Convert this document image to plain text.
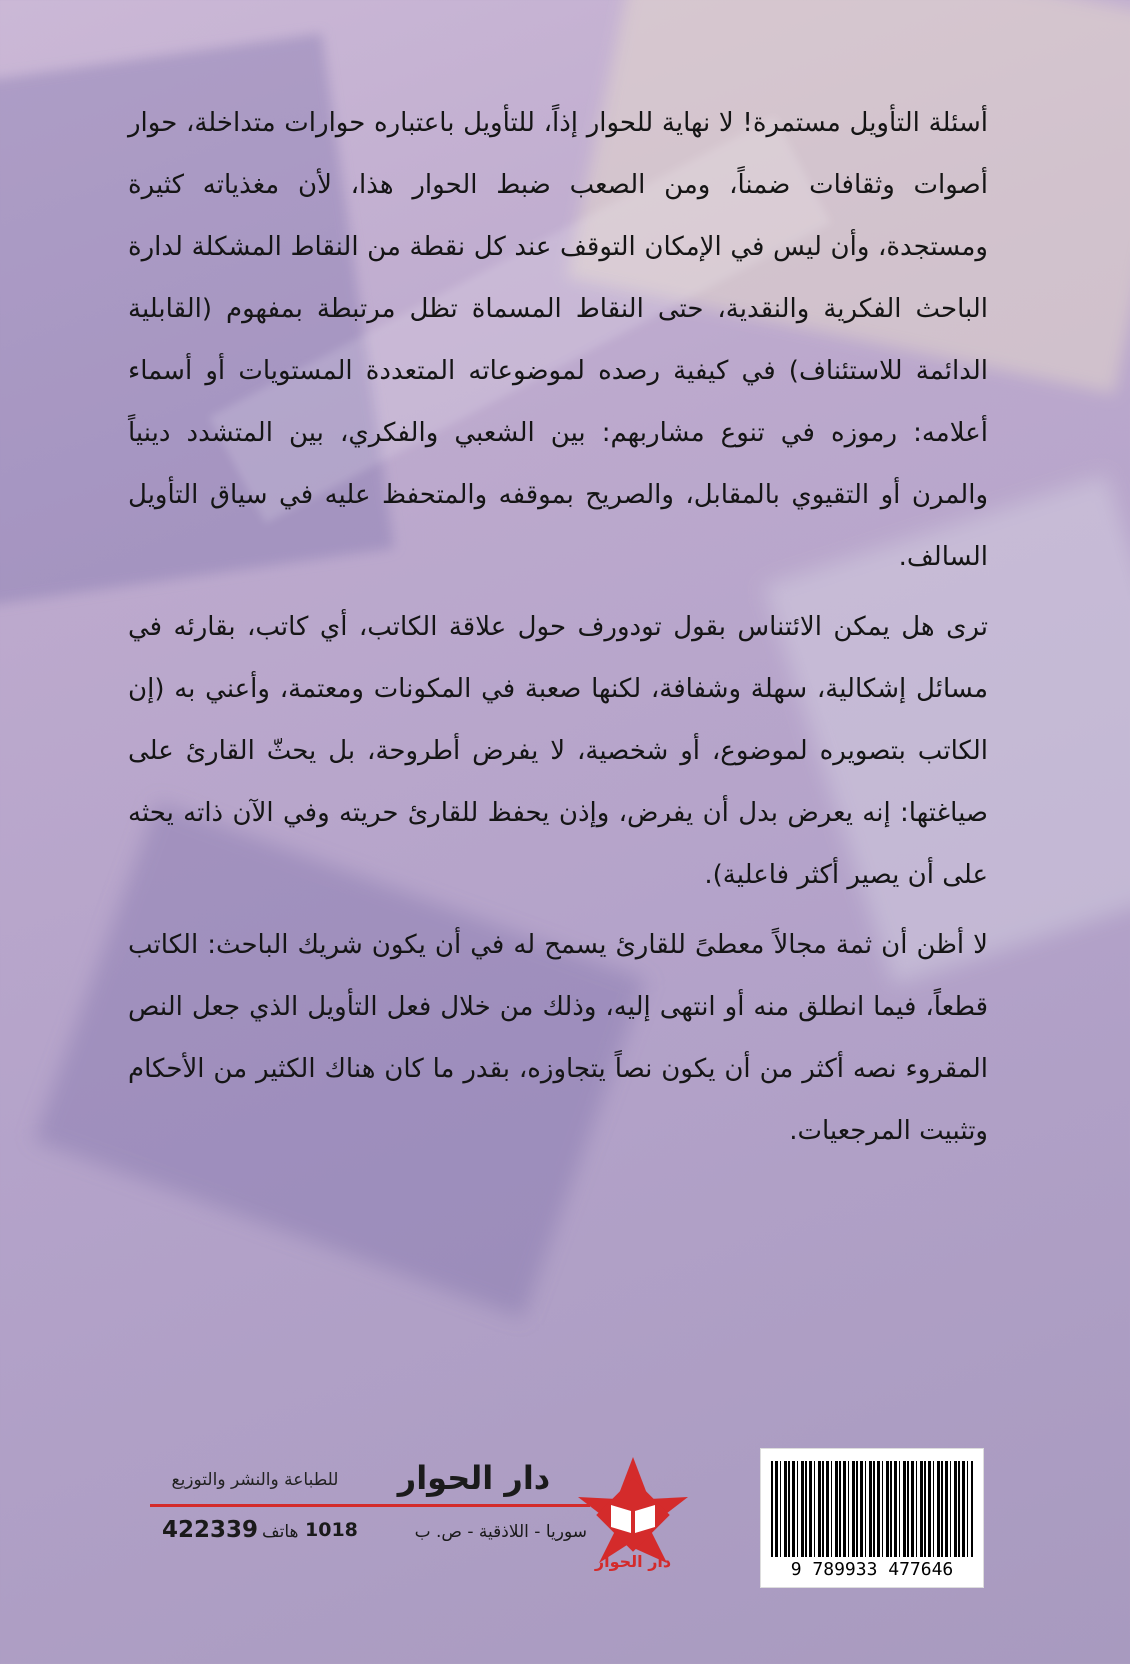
أسئلة التأويل مستمرة! لا نهاية للحوار إذاً، للتأويل باعتباره حوارات متداخلة، حوار أصوات وثقافات ضمناً، ومن الصعب ضبط الحوار هذا، لأن مغذياته كثيرة ومستجدة، وأن ليس في الإمكان التوقف عند كل نقطة من النقاط المشكلة لدارة الباحث الفكرية والنقدية، حتى النقاط المسماة تظل مرتبطة بمفهوم (القابلية الدائمة للاستئناف) في كيفية رصده لموضوعاته المتعددة المستويات أو أسماء أعلامه: رموزه في تنوع مشاربهم: بين الشعبي والفكري، بين المتشدد دينياً والمرن أو التقيوي بالمقابل، والصريح بموقفه والمتحفظ عليه في سياق التأويل السالف.

ترى هل يمكن الائتناس بقول تودورف حول علاقة الكاتب، أي كاتب، بقارئه في مسائل إشكالية، سهلة وشفافة، لكنها صعبة في المكونات ومعتمة، وأعني به (إن الكاتب بتصويره لموضوع، أو شخصية، لا يفرض أطروحة، بل يحثّ القارئ على صياغتها: إنه يعرض بدل أن يفرض، وإذن يحفظ للقارئ حريته وفي الآن ذاته يحثه على أن يصير أكثر فاعلية).

لا أظن أن ثمة مجالاً معطىً للقارئ يسمح له في أن يكون شريك الباحث: الكاتب قطعاً، فيما انطلق منه أو انتهى إليه، وذلك من خلال فعل التأويل الذي جعل النص المقروء نصه أكثر من أن يكون نصاً يتجاوزه، بقدر ما كان هناك الكثير من الأحكام وتثبيت المرجعيات.

9 789933 477646
دار الحوار
دار الحوار
للطباعة والنشر والتوزيع
سوريا - اللاذقية - ص. ب
1018
هاتف
422339
